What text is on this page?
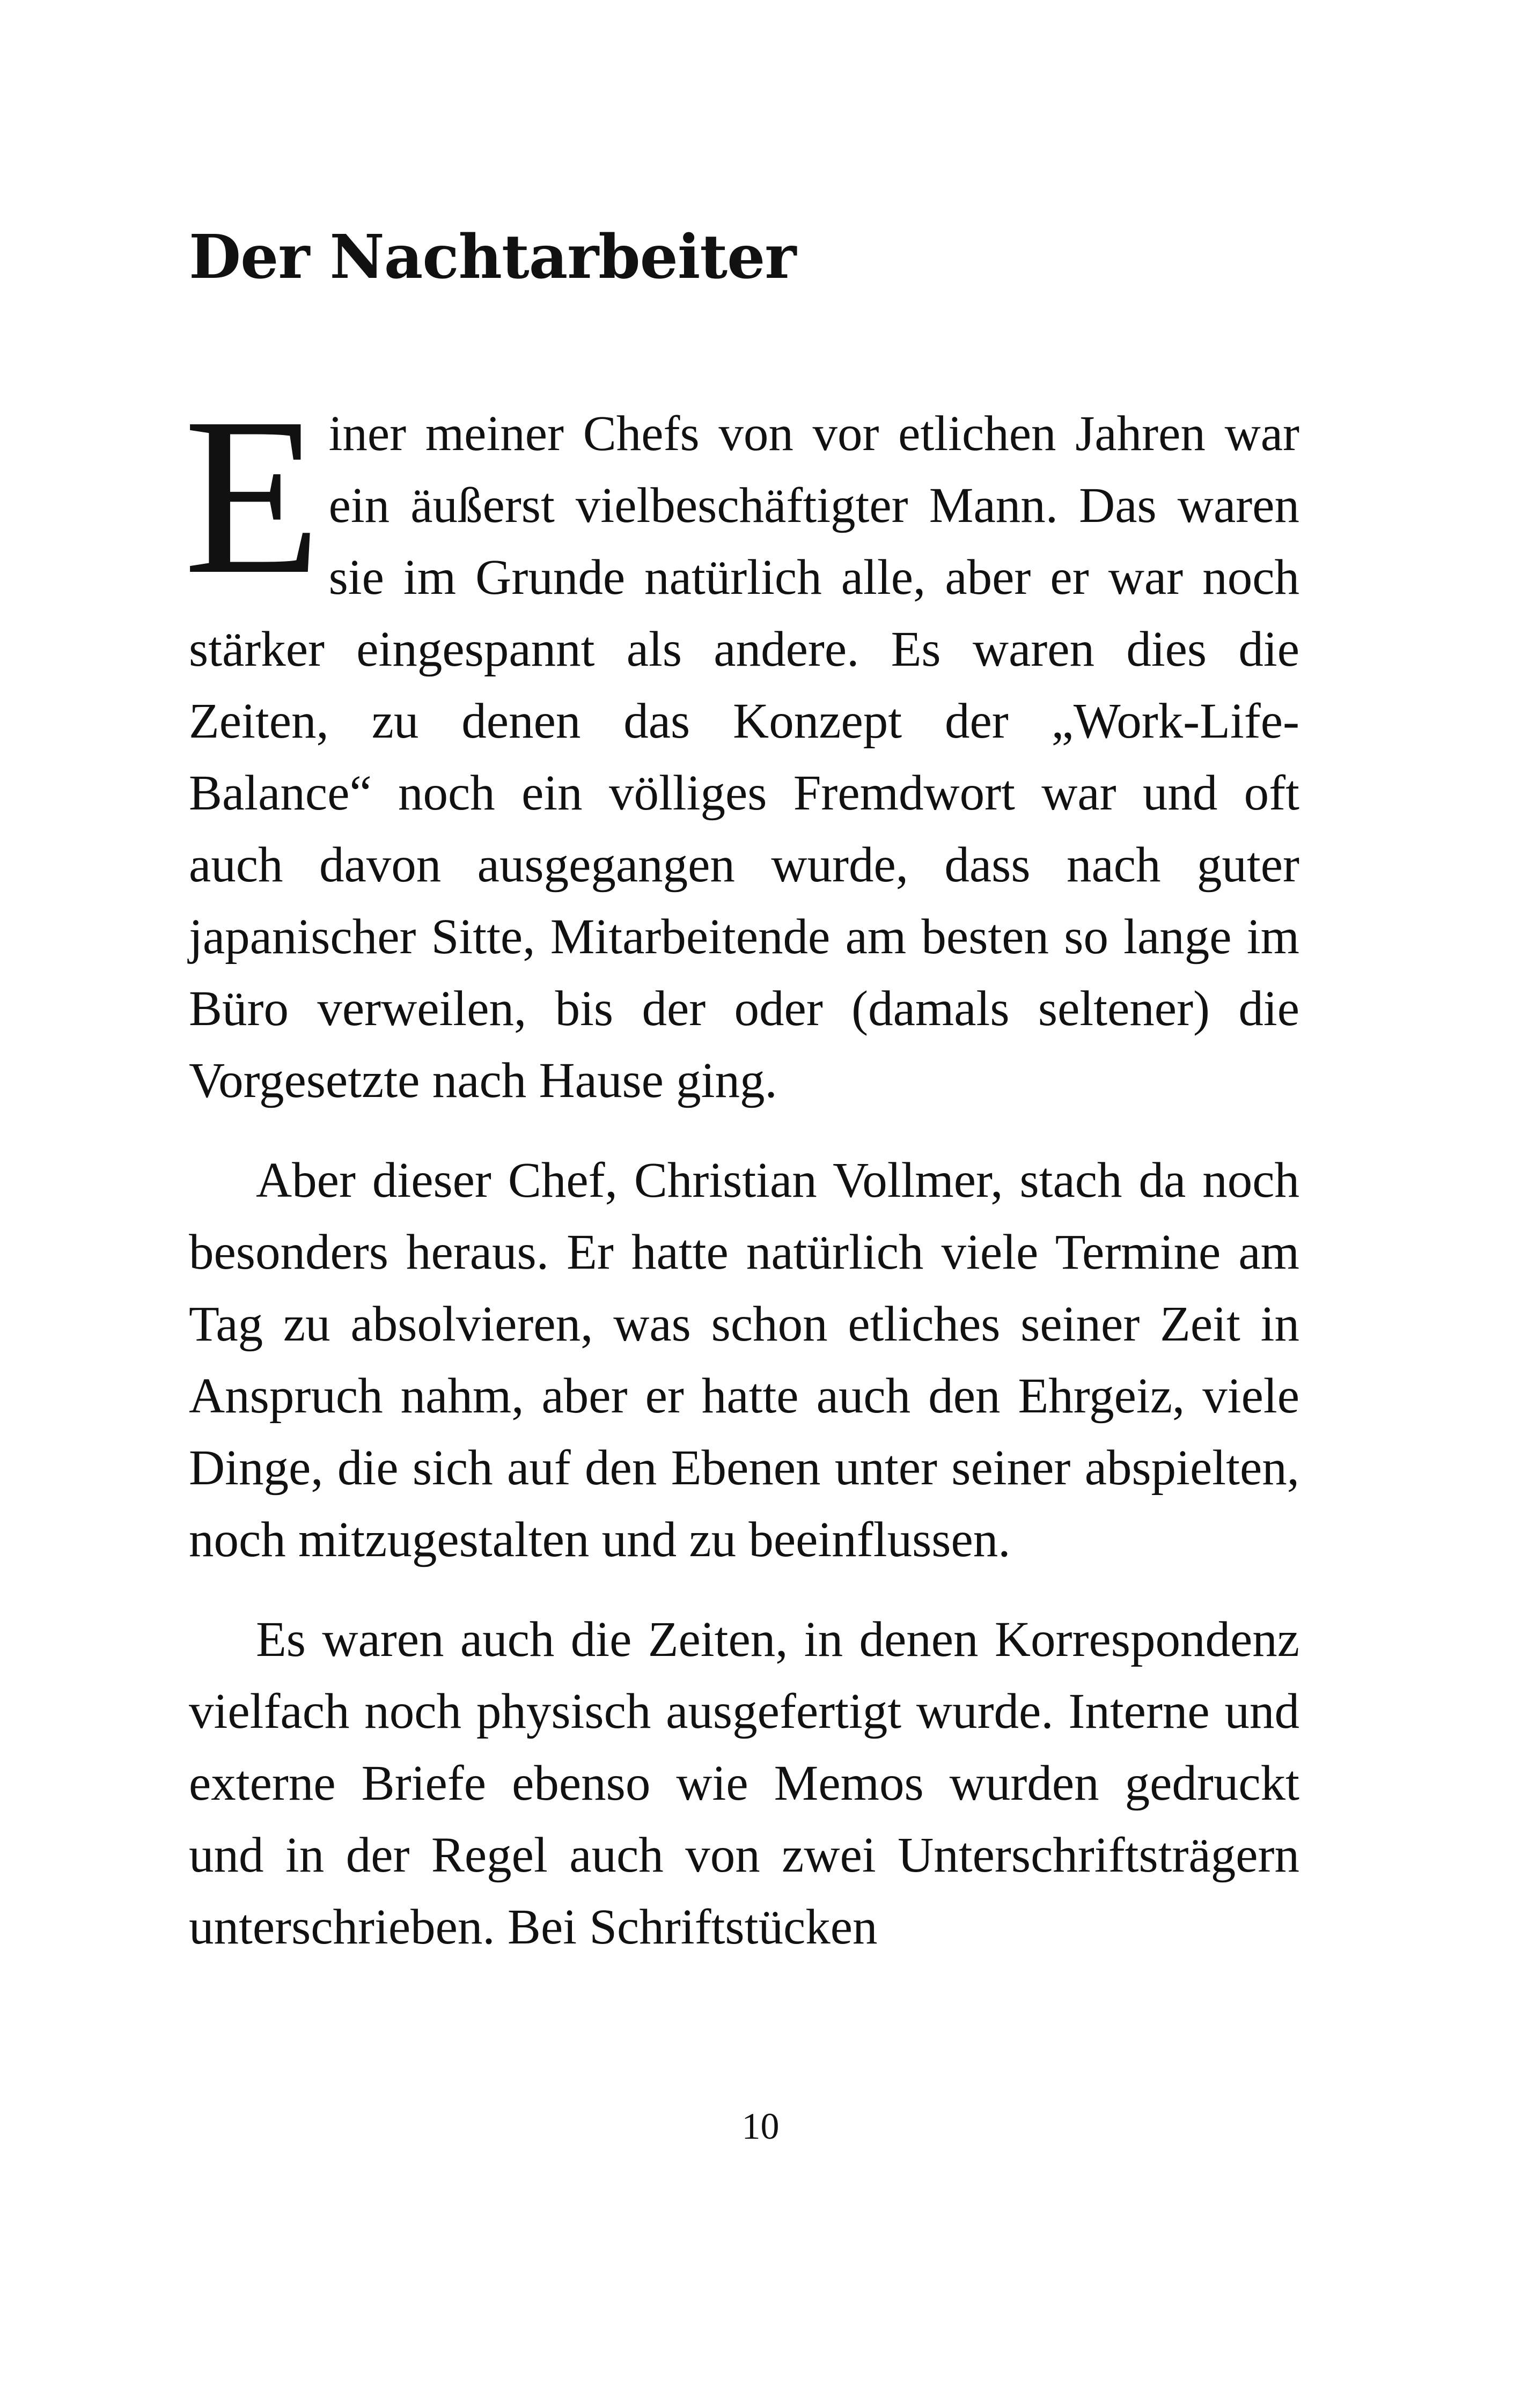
Der Nachtarbeiter

Einer meiner Chefs von vor etlichen Jahren war ein äußerst vielbeschäftigter Mann. Das waren sie im Grunde natürlich alle, aber er war noch stärker eingespannt als andere. Es waren dies die Zeiten, zu denen das Konzept der „Work-Life-Balance“ noch ein völliges Fremdwort war und oft auch davon ausgegangen wurde, dass nach guter japanischer Sitte, Mitarbeitende am besten so lange im Büro verweilen, bis der oder (damals seltener) die Vorgesetzte nach Hause ging.

Aber dieser Chef, Christian Vollmer, stach da noch besonders heraus. Er hatte natürlich viele Termine am Tag zu absolvieren, was schon etliches seiner Zeit in Anspruch nahm, aber er hatte auch den Ehrgeiz, viele Dinge, die sich auf den Ebenen unter seiner abspielten, noch mitzugestalten und zu beeinflussen.

Es waren auch die Zeiten, in denen Korrespondenz vielfach noch physisch ausgefertigt wurde. Interne und externe Briefe ebenso wie Memos wurden gedruckt und in der Regel auch von zwei Unterschriftsträgern unterschrieben. Bei Schriftstücken

10
